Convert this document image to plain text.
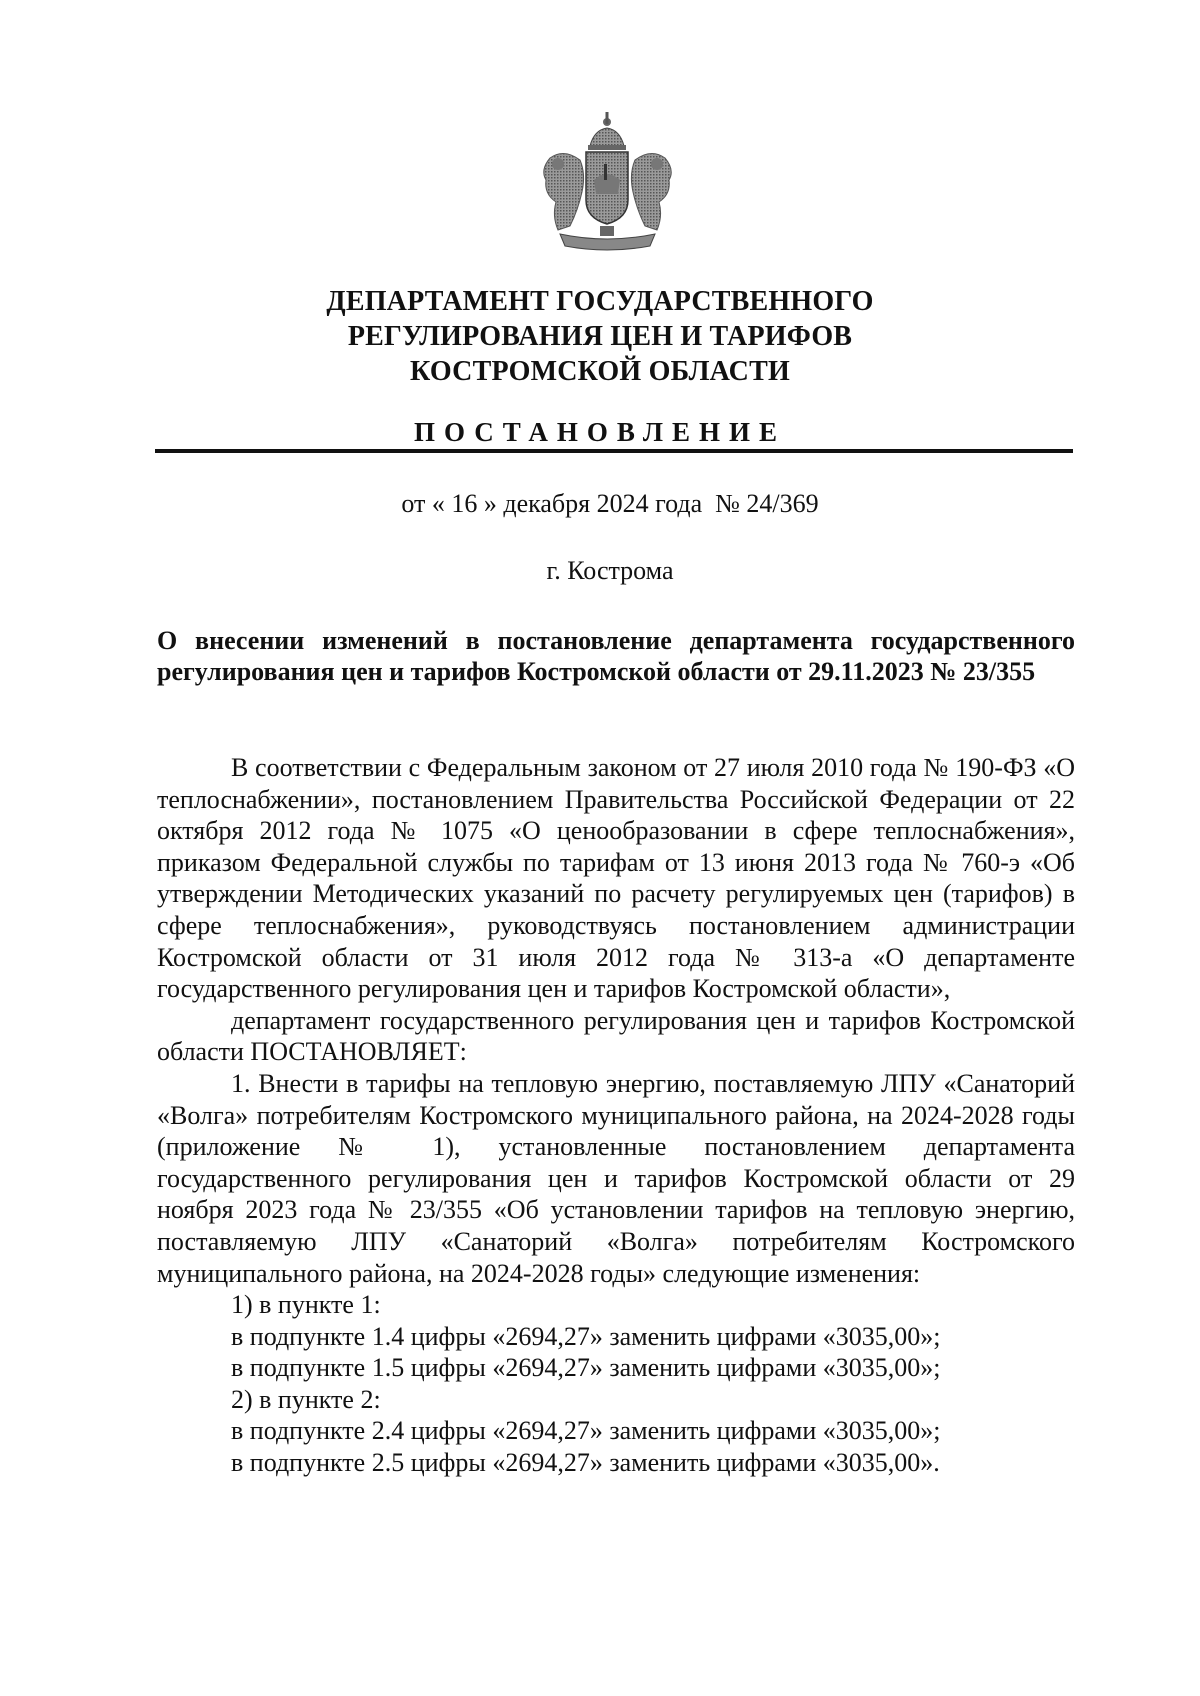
ДЕПАРТАМЕНТ ГОСУДАРСТВЕННОГО
РЕГУЛИРОВАНИЯ ЦЕН И ТАРИФОВ
КОСТРОМСКОЙ ОБЛАСТИ
ПОСТАНОВЛЕНИЕ
от « 16 » декабря 2024 года  № 24/369
г. Кострома
О внесении изменений в постановление департамента государственного регулирования цен и тарифов Костромской области от 29.11.2023 № 23/355

В соответствии с Федеральным законом от 27 июля 2010 года № 190-ФЗ «О теплоснабжении», постановлением Правительства Российской Федерации от 22 октября 2012 года № 1075 «О ценообразовании в сфере теплоснабжения», приказом Федеральной службы по тарифам от 13 июня 2013 года № 760-э «Об утверждении Методических указаний по расчету регулируемых цен (тарифов) в сфере теплоснабжения», руководствуясь постановлением администрации Костромской области от 31 июля 2012 года № 313-а «О департаменте государственного регулирования цен и тарифов Костромской области»,

департамент государственного регулирования цен и тарифов Костромской области ПОСТАНОВЛЯЕТ:

1. Внести в тарифы на тепловую энергию, поставляемую ЛПУ «Санаторий «Волга» потребителям Костромского муниципального района, на 2024-2028 годы (приложение № 1), установленные постановлением департамента государственного регулирования цен и тарифов Костромской области от 29 ноября 2023 года № 23/355 «Об установлении тарифов на тепловую энергию, поставляемую ЛПУ «Санаторий «Волга» потребителям Костромского муниципального района, на 2024-2028 годы» следующие изменения:

1) в пункте 1:

в подпункте 1.4 цифры «2694,27» заменить цифрами «3035,00»;

в подпункте 1.5 цифры «2694,27» заменить цифрами «3035,00»;

2) в пункте 2:

в подпункте 2.4 цифры «2694,27» заменить цифрами «3035,00»;

в подпункте 2.5 цифры «2694,27» заменить цифрами «3035,00».
